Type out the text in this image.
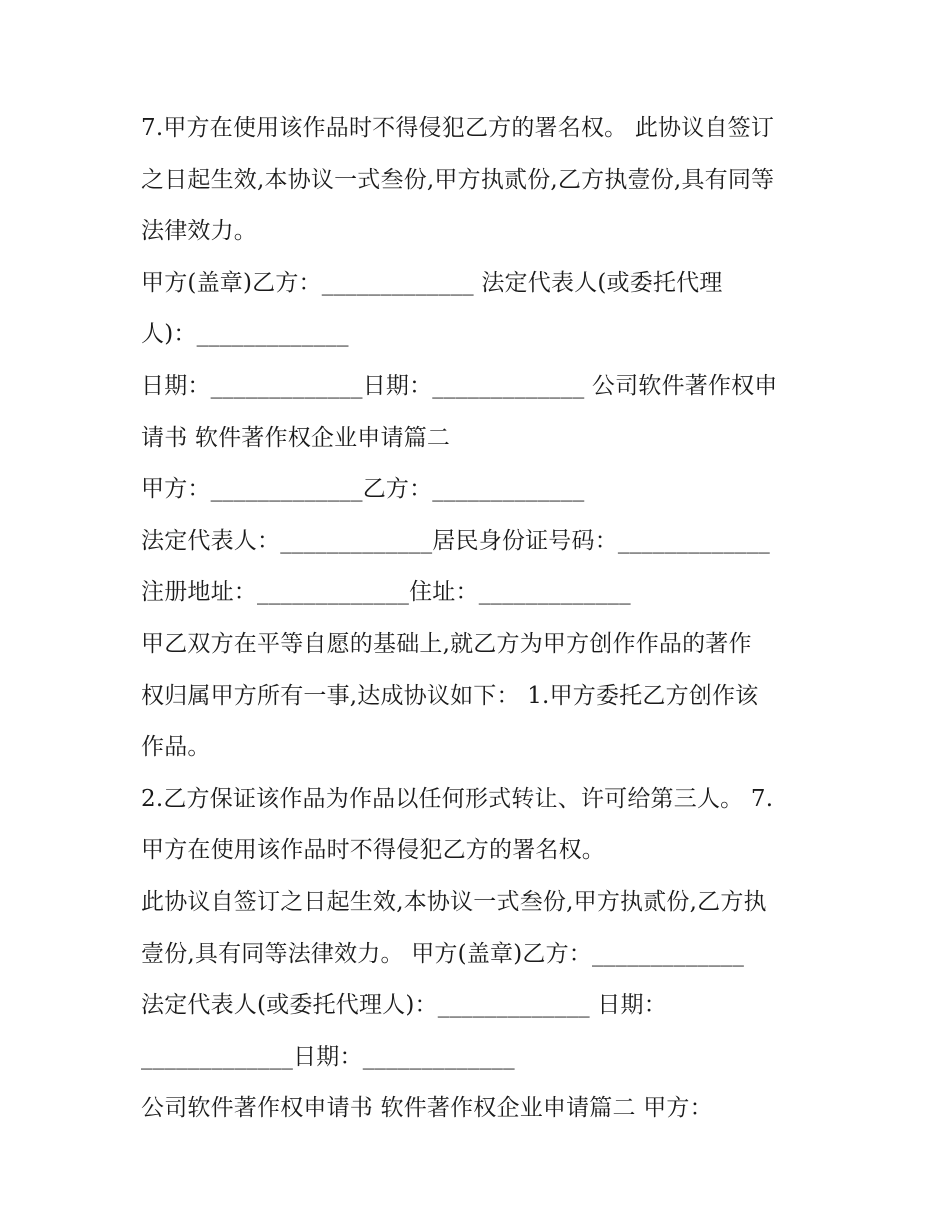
7.甲方在使用该作品时不得侵犯乙方的署名权。 此协议自签订
之日起生效,本协议一式叁份,甲方执贰份,乙方执壹份,具有同等
法律效力。
甲方(盖章)乙方：_____________ 法定代表人(或委托代理
人)：_____________
日期：_____________日期：_____________ 公司软件著作权申
请书 软件著作权企业申请篇二
甲方：_____________乙方：_____________
法定代表人：_____________居民身份证号码：_____________
注册地址：_____________住址：_____________
甲乙双方在平等自愿的基础上,就乙方为甲方创作作品的著作
权归属甲方所有一事,达成协议如下： 1.甲方委托乙方创作该
作品。
2.乙方保证该作品为作品以任何形式转让、许可给第三人。 7.
甲方在使用该作品时不得侵犯乙方的署名权。
此协议自签订之日起生效,本协议一式叁份,甲方执贰份,乙方执
壹份,具有同等法律效力。 甲方(盖章)乙方：_____________
法定代表人(或委托代理人)：_____________ 日期：
_____________日期：_____________
公司软件著作权申请书 软件著作权企业申请篇二 甲方：
